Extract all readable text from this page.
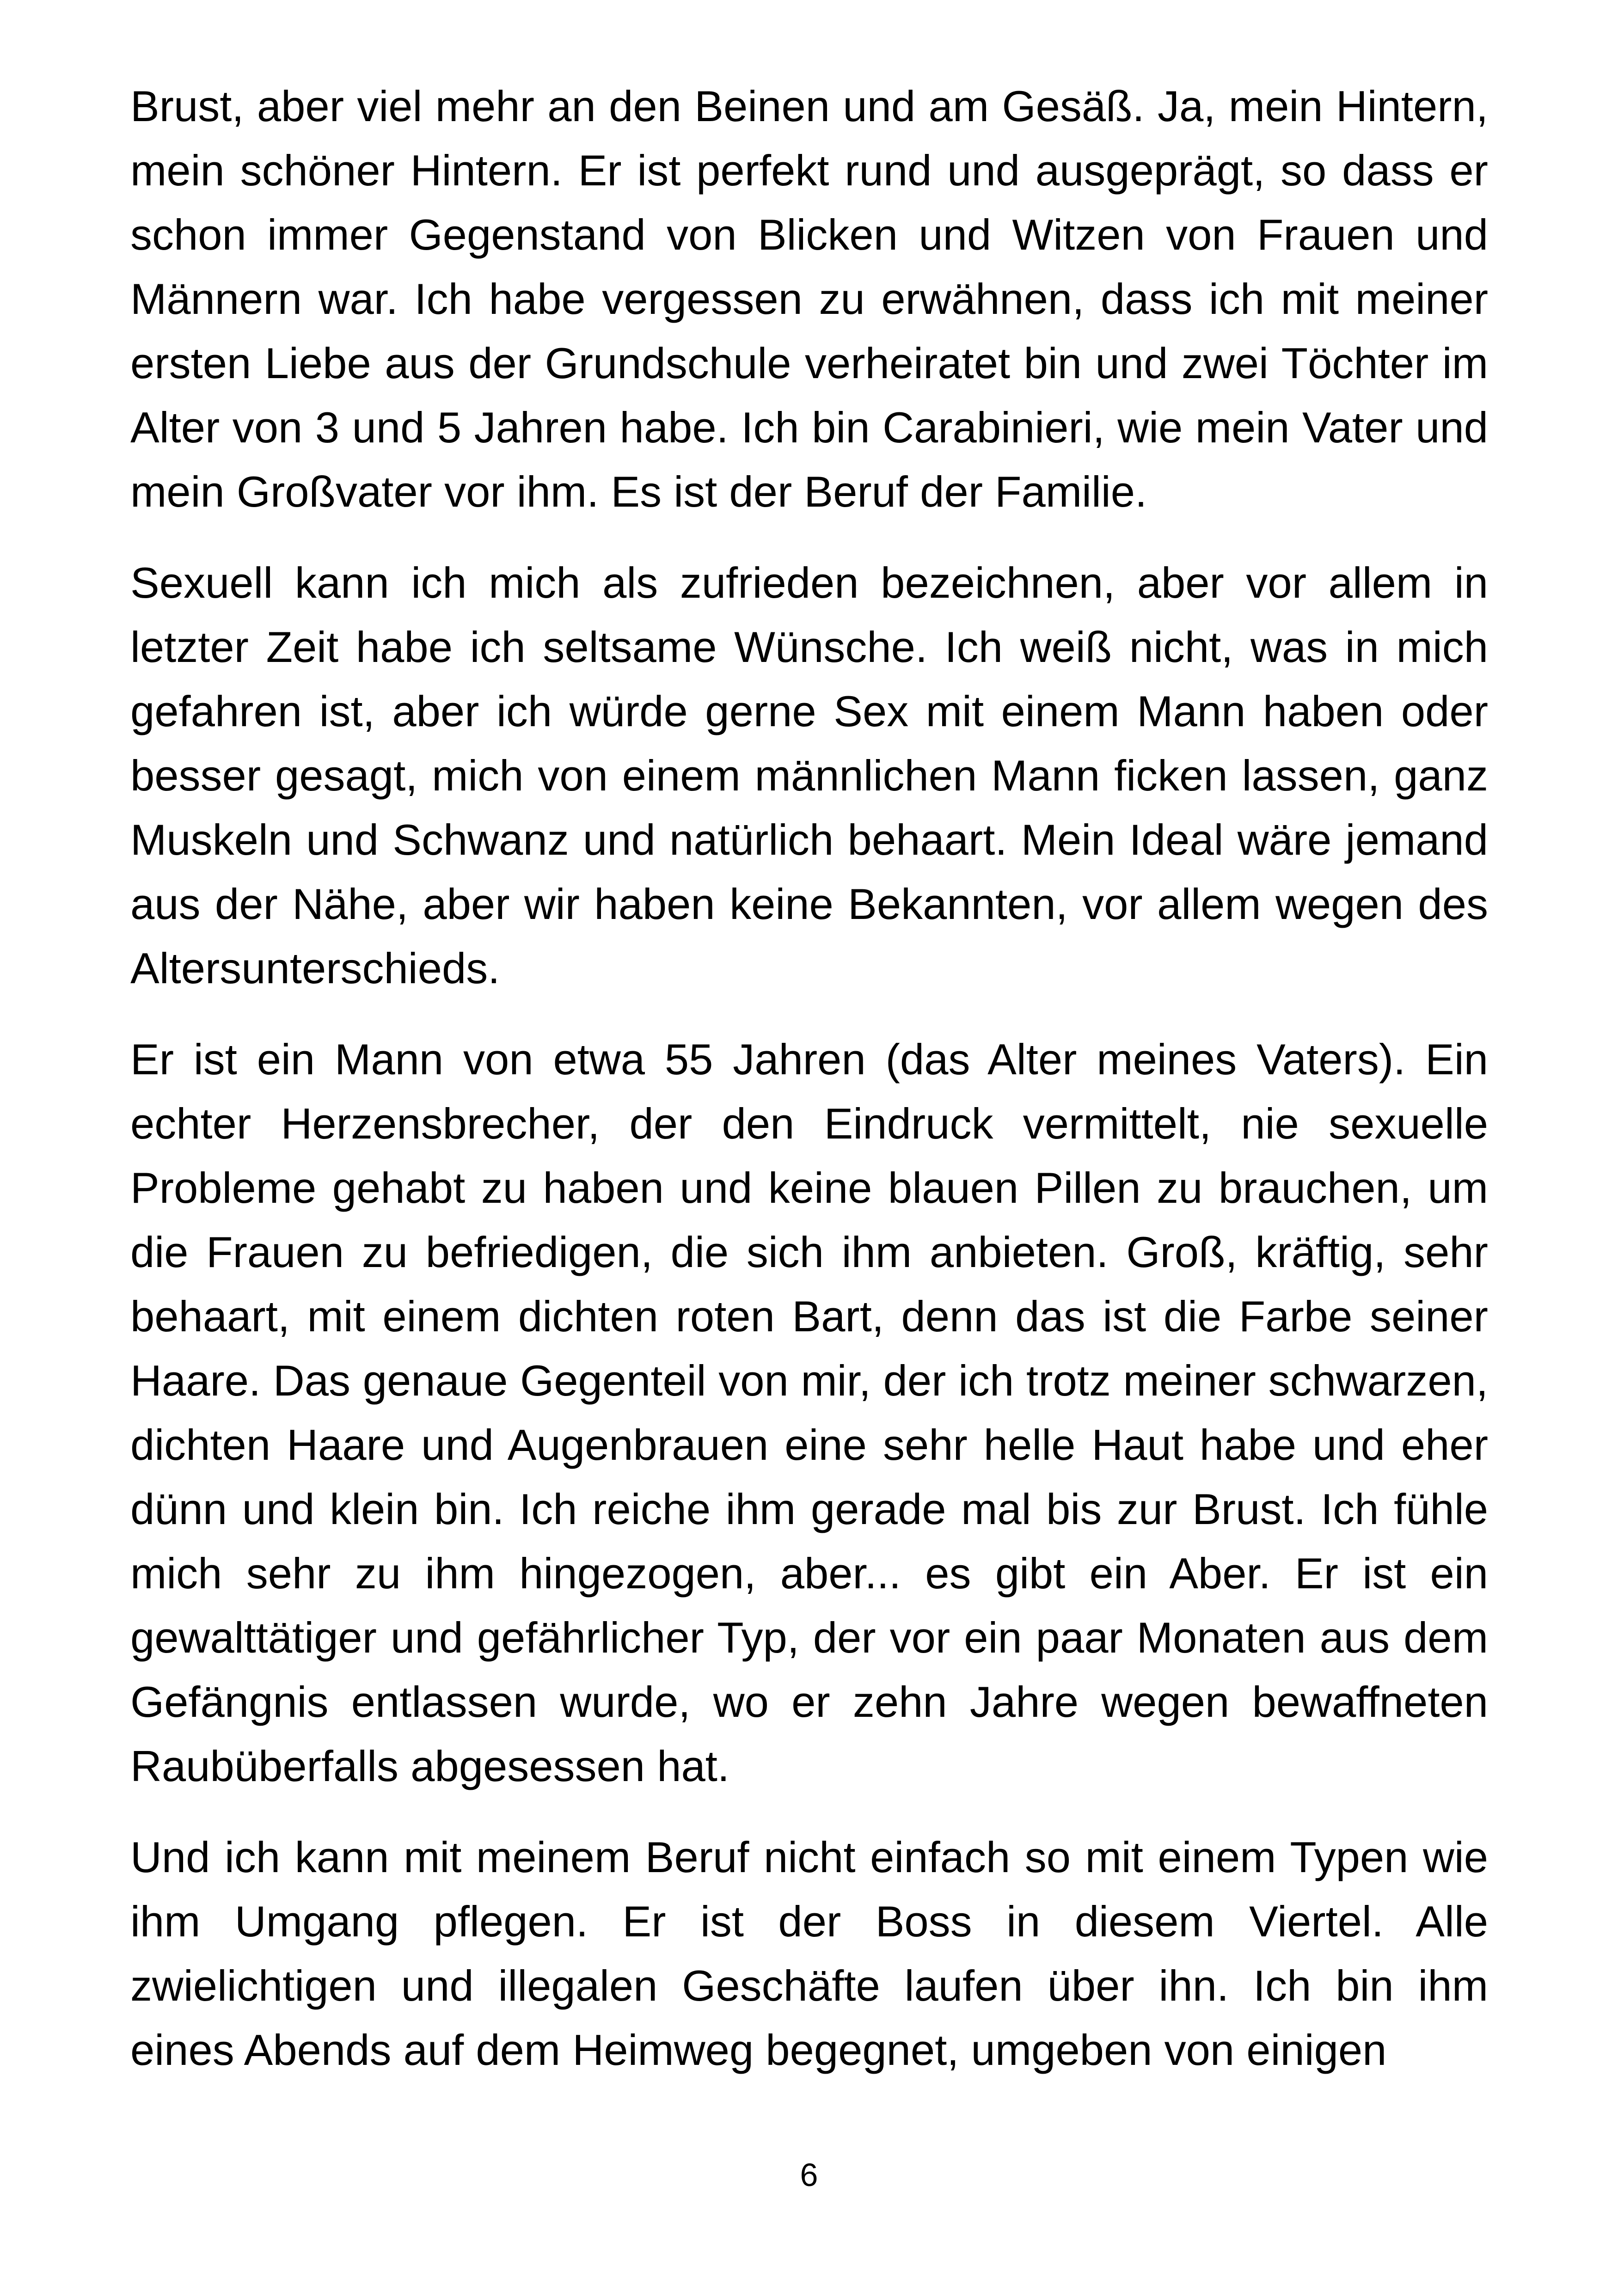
Brust, aber viel mehr an den Beinen und am Gesäß. Ja, mein Hintern, mein schöner Hintern. Er ist perfekt rund und ausgeprägt, so dass er schon immer Gegenstand von Blicken und Witzen von Frauen und Männern war. Ich habe vergessen zu erwähnen, dass ich mit meiner ersten Liebe aus der Grundschule verheiratet bin und zwei Töchter im Alter von 3 und 5 Jahren habe. Ich bin Carabinieri, wie mein Vater und mein Großvater vor ihm. Es ist der Beruf der Familie.

Sexuell kann ich mich als zufrieden bezeichnen, aber vor allem in letzter Zeit habe ich seltsame Wünsche. Ich weiß nicht, was in mich gefahren ist, aber ich würde gerne Sex mit einem Mann haben oder besser gesagt, mich von einem männlichen Mann ficken lassen, ganz Muskeln und Schwanz und natürlich behaart. Mein Ideal wäre jemand aus der Nähe, aber wir haben keine Bekannten, vor allem wegen des Altersunterschieds.

Er ist ein Mann von etwa 55 Jahren (das Alter meines Vaters). Ein echter Herzensbrecher, der den Eindruck vermittelt, nie sexuelle Probleme gehabt zu haben und keine blauen Pillen zu brauchen, um die Frauen zu befriedigen, die sich ihm anbieten. Groß, kräftig, sehr behaart, mit einem dichten roten Bart, denn das ist die Farbe seiner Haare. Das genaue Gegenteil von mir, der ich trotz meiner schwarzen, dichten Haare und Augenbrauen eine sehr helle Haut habe und eher dünn und klein bin. Ich reiche ihm gerade mal bis zur Brust. Ich fühle mich sehr zu ihm hingezogen, aber... es gibt ein Aber. Er ist ein gewalttätiger und gefährlicher Typ, der vor ein paar Monaten aus dem Gefängnis entlassen wurde, wo er zehn Jahre wegen bewaffneten Raubüberfalls abgesessen hat.

Und ich kann mit meinem Beruf nicht einfach so mit einem Typen wie ihm Umgang pflegen. Er ist der Boss in diesem Viertel. Alle zwielichtigen und illegalen Geschäfte laufen über ihn. Ich bin ihm eines Abends auf dem Heimweg begegnet, umgeben von einigen

6
